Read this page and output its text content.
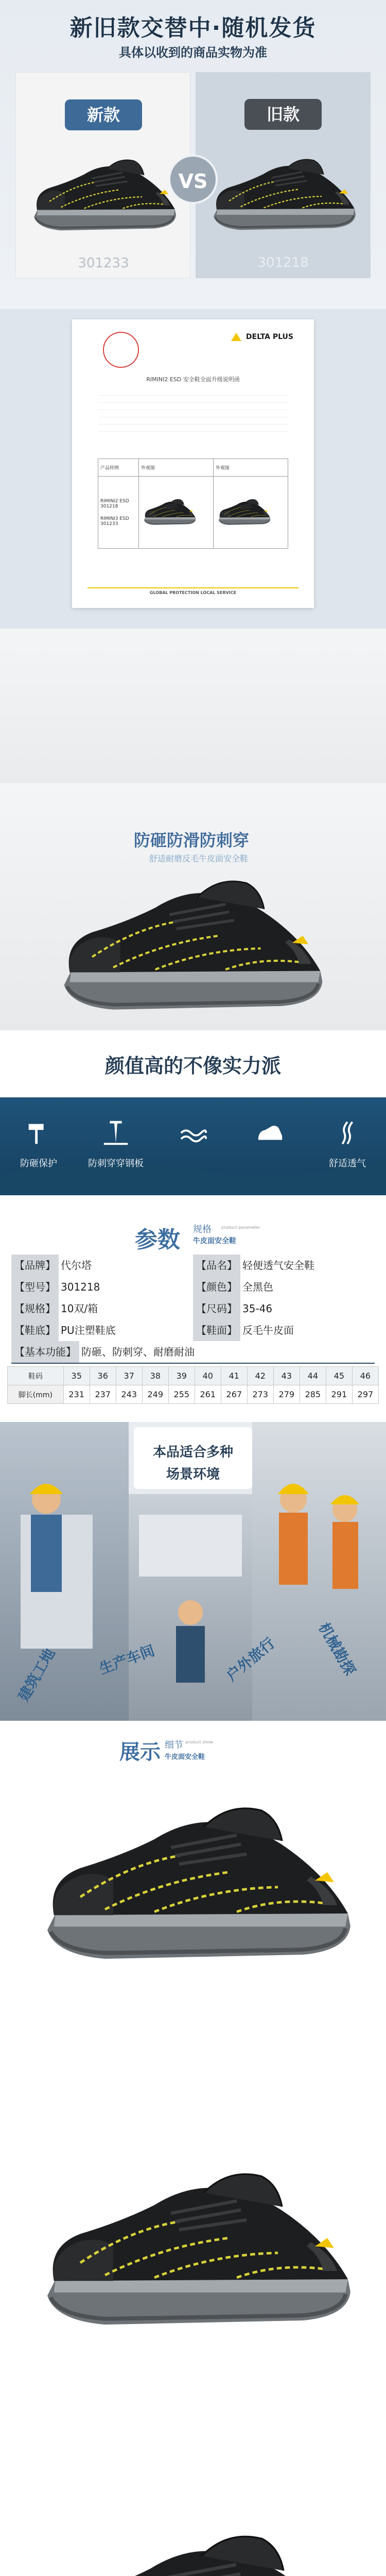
新旧款交替中·随机发货
具体以收到的商品实物为准
新款
301233
旧款
301218
VS
DELTA PLUS
RIMINI2 ESD 安全鞋全面升级说明函
产品样例	外观图	外观图

RIMINI2 ESD
301218
RIMINI3 ESD
301233

GLOBAL PROTECTION LOCAL SERVICE
防砸防滑防刺穿
舒适耐磨反毛牛皮面安全鞋
颜值高的不像实力派
防砸保护	防刺穿穿钢板	舒适透气
参数 规格 product parameter
牛皮面安全鞋
【品牌】 代尔塔	【品名】 轻便透气安全鞋
【型号】 301218	【颜色】 全黑色
【规格】 10双/箱	【尺码】 35-46
【鞋底】 PU注塑鞋底	【鞋面】 反毛牛皮面
【基本功能】 防砸、防刺穿、耐磨耐油
鞋码	35	36	37	38	39	40	41	42	43	44	45	46
脚长(mm)	231	237	243	249	255	261	267	273	279	285	291	297
本品适合多种
场景环境
建筑工地	生产车间	户外旅行	机械勘探
展示 细节 product show
牛皮面安全鞋
